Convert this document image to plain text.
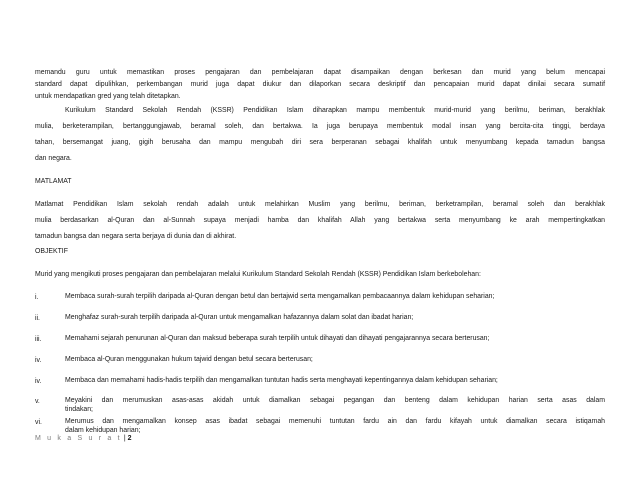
memandu guru untuk memastikan proses pengajaran dan pembelajaran dapat disampaikan dengan berkesan dan murid yang belum mencapai

standard dapat dipulihkan, perkembangan murid juga dapat diukur dan dilaporkan secara deskriptif dan pencapaian murid dapat dinilai secara sumatif

untuk mendapatkan gred yang telah ditetapkan.

Kurikulum Standard Sekolah Rendah (KSSR) Pendidikan Islam diharapkan mampu membentuk murid-murid yang berilmu, beriman, berakhlak

mulia, berketerampilan, bertanggungjawab, beramal soleh, dan bertakwa. Ia juga berupaya membentuk modal insan yang bercita-cita tinggi, berdaya

tahan, bersemangat juang, gigih berusaha dan mampu mengubah diri sera berperanan sebagai khalifah untuk menyumbang kepada tamadun bangsa

dan negara.

MATLAMAT

Matlamat Pendidikan Islam sekolah rendah adalah untuk melahirkan Muslim yang berilmu, beriman, berketrampilan, beramal soleh dan berakhlak

mulia berdasarkan al-Quran dan al-Sunnah supaya menjadi hamba dan khalifah Allah yang bertakwa serta menyumbang ke arah mempertingkatkan

tamadun bangsa dan negara serta berjaya di dunia dan di akhirat.

OBJEKTIF

Murid yang mengikuti proses pengajaran dan pembelajaran melalui Kurikulum Standard Sekolah Rendah (KSSR) Pendidikan Islam berkebolehan:

M u k a S u r a t | 2
i.	Membaca surah-surah terpilih daripada al-Quran dengan betul dan bertajwid serta mengamalkan pembacaannya dalam kehidupan seharian;

ii.	Menghafaz surah-surah terpilih daripada al-Quran untuk mengamalkan hafazannya dalam solat dan ibadat harian;

iii.	Memahami sejarah penurunan al-Quran dan maksud beberapa surah terpilih untuk dihayati dan dihayati pengajarannya secara berterusan;

iv.	Membaca al-Quran menggunakan hukum tajwid dengan betul secara berterusan;

iv.	Membaca dan memahami hadis-hadis terpilih dan mengamalkan tuntutan hadis serta menghayati kepentingannya dalam kehidupan seharian;

v.	Meyakini dan merumuskan asas-asas akidah untuk diamalkan sebagai pegangan dan benteng dalam kehidupan harian serta asas dalam

tindakan;

vi.	Merumus dan mengamalkan konsep asas ibadat sebagai memenuhi tuntutan fardu ain dan fardu kifayah untuk diamalkan secara istiqamah

dalam kehidupan harian;
